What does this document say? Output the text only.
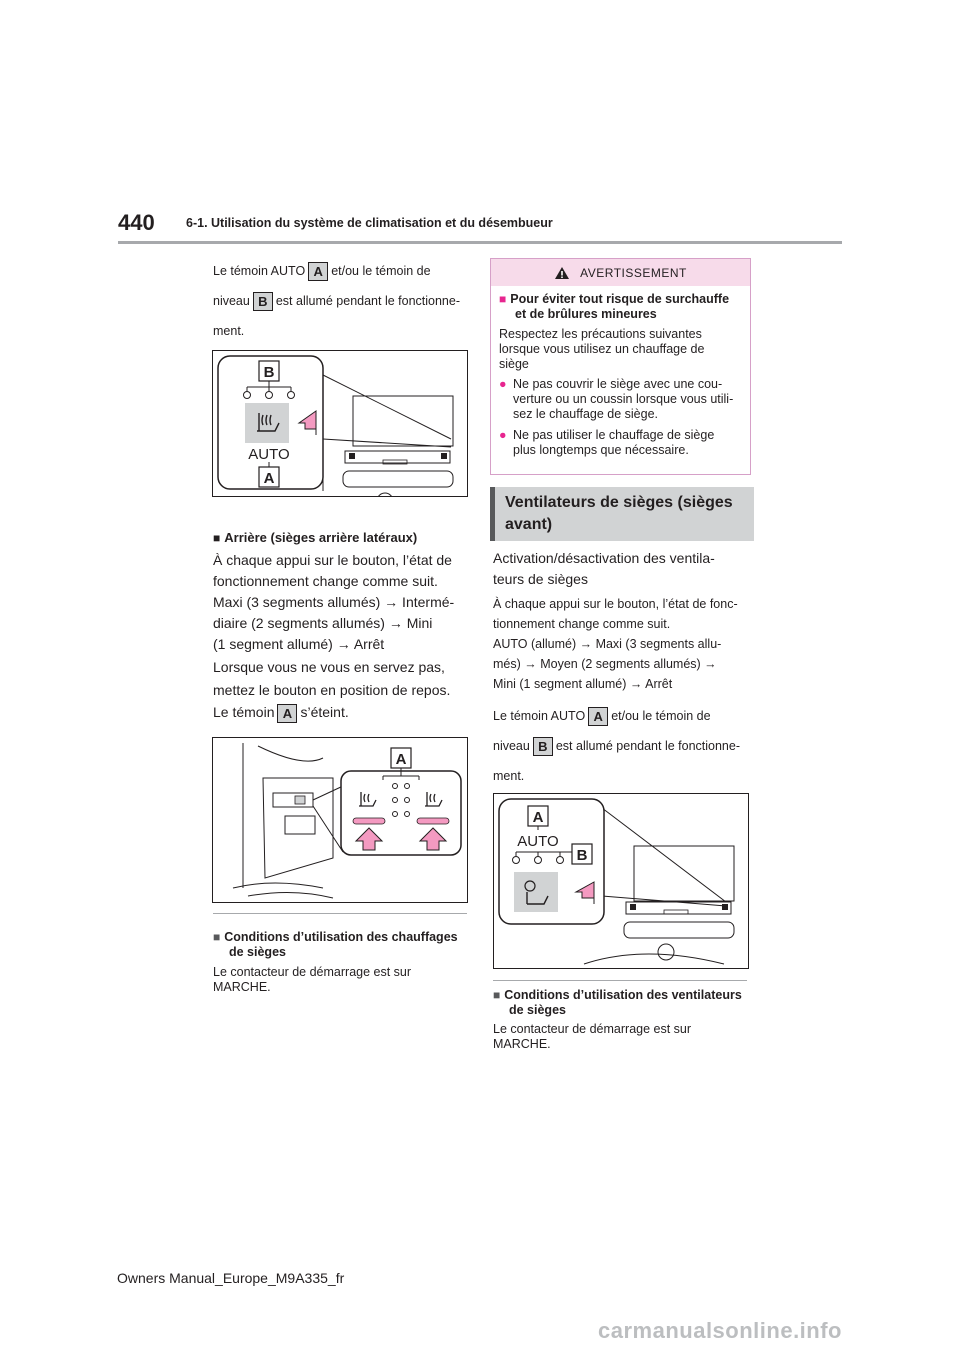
440	6-1. Utilisation du système de climatisation et du désembueur
Le témoin AUTO A et/ou le témoin de
niveau B est allumé pendant le fonctionne-
ment.
B
AUTO
A
■ Arrière (sièges arrière latéraux)
À chaque appui sur le bouton, l’état de
fonctionnement change comme suit.
Maxi (3 segments allumés) → Intermé-
diaire (2 segments allumés) → Mini
(1 segment allumé) → Arrêt
Lorsque vous ne vous en servez pas,
mettez le bouton en position de repos.
Le témoin A s’éteint.
A
■ Conditions d’utilisation des chauffages
de sièges
Le contacteur de démarrage est sur
MARCHE.
AVERTISSEMENT
■ Pour éviter tout risque de surchauffe
et de brûlures mineures
Respectez les précautions suivantes
lorsque vous utilisez un chauffage de
siège
● Ne pas couvrir le siège avec une cou-
verture ou un coussin lorsque vous utili-
sez le chauffage de siège.
● Ne pas utiliser le chauffage de siège
plus longtemps que nécessaire.
Ventilateurs de sièges (sièges
avant)
Activation/désactivation des ventila-
teurs de sièges
À chaque appui sur le bouton, l’état de fonc-
tionnement change comme suit.
AUTO (allumé) → Maxi (3 segments allu-
més) → Moyen (2 segments allumés) →
Mini (1 segment allumé) → Arrêt
Le témoin AUTO A et/ou le témoin de
niveau B est allumé pendant le fonctionne-
ment.
A
AUTO
B
■ Conditions d’utilisation des ventilateurs
de sièges
Le contacteur de démarrage est sur
MARCHE.
Owners Manual_Europe_M9A335_fr
carmanualsonline.info
